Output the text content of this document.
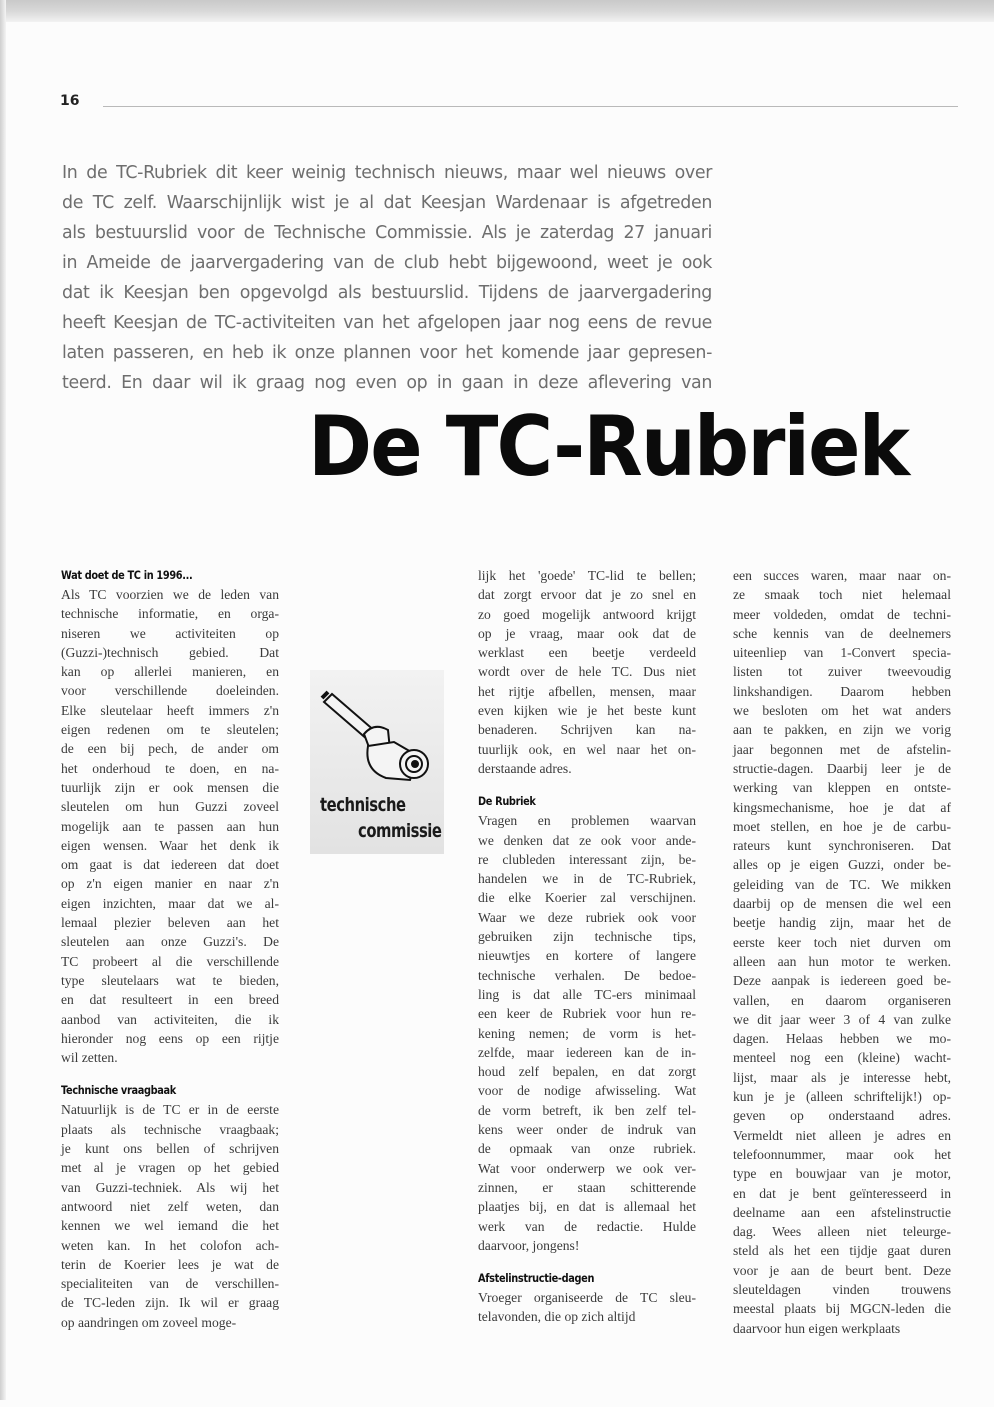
16
In de TC-Rubriek dit keer weinig technisch nieuws, maar wel nieuws over
de TC zelf. Waarschijnlijk wist je al dat Keesjan Wardenaar is afgetreden
als bestuurslid voor de Technische Commissie. Als je zaterdag 27 januari
in Ameide de jaarvergadering van de club hebt bijgewoond, weet je ook
dat ik Keesjan ben opgevolgd als bestuurslid. Tijdens de jaarvergadering
heeft Keesjan de TC-activiteiten van het afgelopen jaar nog eens de revue
laten passeren, en heb ik onze plannen voor het komende jaar gepresen-
teerd. En daar wil ik graag nog even op in gaan in deze aflevering van
De TC-Rubriek
technische
commissie
Wat doet de TC in 1996...
Als TC voorzien we de leden van
technische informatie, en orga-
niseren we activiteiten op
(Guzzi-)technisch gebied. Dat
kan op allerlei manieren, en
voor verschillende doeleinden.
Elke sleutelaar heeft immers z'n
eigen redenen om te sleutelen;
de een bij pech, de ander om
het onderhoud te doen, en na-
tuurlijk zijn er ook mensen die
sleutelen om hun Guzzi zoveel
mogelijk aan te passen aan hun
eigen wensen. Waar het denk ik
om gaat is dat iedereen dat doet
op z'n eigen manier en naar z'n
eigen inzichten, maar dat we al-
lemaal plezier beleven aan het
sleutelen aan onze Guzzi's. De
TC probeert al die verschillende
type sleutelaars wat te bieden,
en dat resulteert in een breed
aanbod van activiteiten, die ik
hieronder nog eens op een rijtje
wil zetten.
Technische vraagbaak
Natuurlijk is de TC er in de eerste
plaats als technische vraagbaak;
je kunt ons bellen of schrijven
met al je vragen op het gebied
van Guzzi-techniek. Als wij het
antwoord niet zelf weten, dan
kennen we wel iemand die het
weten kan. In het colofon ach-
terin de Koerier lees je wat de
specialiteiten van de verschillen-
de TC-leden zijn. Ik wil er graag
op aandringen om zoveel moge-
lijk het 'goede' TC-lid te bellen;
dat zorgt ervoor dat je zo snel en
zo goed mogelijk antwoord krijgt
op je vraag, maar ook dat de
werklast een beetje verdeeld
wordt over de hele TC. Dus niet
het rijtje afbellen, mensen, maar
even kijken wie je het beste kunt
benaderen. Schrijven kan na-
tuurlijk ook, en wel naar het on-
derstaande adres.
De Rubriek
Vragen en problemen waarvan
we denken dat ze ook voor ande-
re clubleden interessant zijn, be-
handelen we in de TC-Rubriek,
die elke Koerier zal verschijnen.
Waar we deze rubriek ook voor
gebruiken zijn technische tips,
nieuwtjes en kortere of langere
technische verhalen. De bedoe-
ling is dat alle TC-ers minimaal
een keer de Rubriek voor hun re-
kening nemen; de vorm is het-
zelfde, maar iedereen kan de in-
houd zelf bepalen, en dat zorgt
voor de nodige afwisseling. Wat
de vorm betreft, ik ben zelf tel-
kens weer onder de indruk van
de opmaak van onze rubriek.
Wat voor onderwerp we ook ver-
zinnen, er staan schitterende
plaatjes bij, en dat is allemaal het
werk van de redactie. Hulde
daarvoor, jongens!
Afstelinstructie-dagen
Vroeger organiseerde de TC sleu-
telavonden, die op zich altijd
een succes waren, maar naar on-
ze smaak toch niet helemaal
meer voldeden, omdat de techni-
sche kennis van de deelnemers
uiteenliep van 1-Convert specia-
listen tot zuiver tweevoudig
linkshandigen. Daarom hebben
we besloten om het wat anders
aan te pakken, en zijn we vorig
jaar begonnen met de afstelin-
structie-dagen. Daarbij leer je de
werking van kleppen en ontste-
kingsmechanisme, hoe je dat af
moet stellen, en hoe je de carbu-
rateurs kunt synchroniseren. Dat
alles op je eigen Guzzi, onder be-
geleiding van de TC. We mikken
daarbij op de mensen die wel een
beetje handig zijn, maar het de
eerste keer toch niet durven om
alleen aan hun motor te werken.
Deze aanpak is iedereen goed be-
vallen, en daarom organiseren
we dit jaar weer 3 of 4 van zulke
dagen. Helaas hebben we mo-
menteel nog een (kleine) wacht-
lijst, maar als je interesse hebt,
kun je je (alleen schriftelijk!) op-
geven op onderstaand adres.
Vermeldt niet alleen je adres en
telefoonnummer, maar ook het
type en bouwjaar van je motor,
en dat je bent geïnteresseerd in
deelname aan een afstelinstructie
dag. Wees alleen niet teleurge-
steld als het een tijdje gaat duren
voor je aan de beurt bent. Deze
sleuteldagen vinden trouwens
meestal plaats bij MGCN-leden die
daarvoor hun eigen werkplaats
